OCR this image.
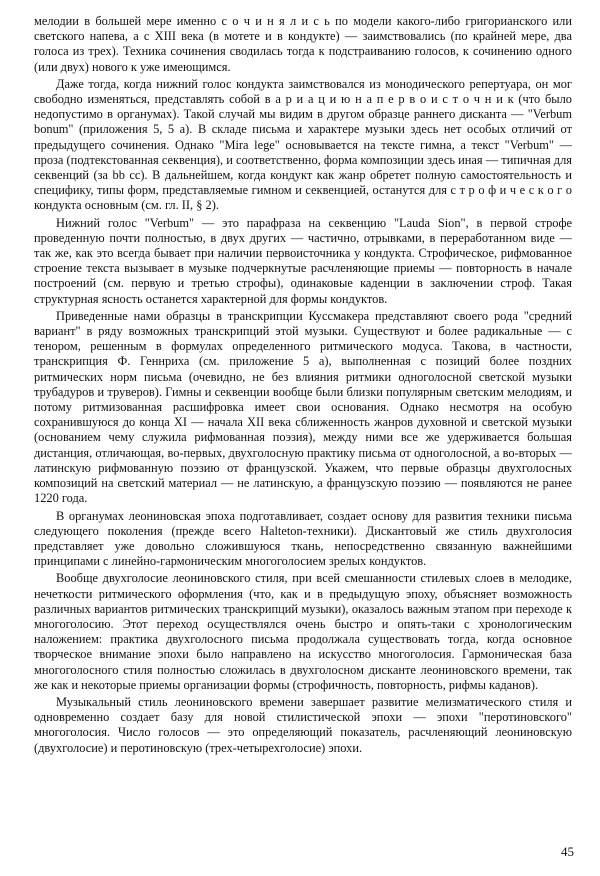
мелодии в большей мере именно с о ч и н я л и с ь по модели какого-либо григорианского или светского напева, а с XIII века (в мотете и в кондукте) — заимствовались (по крайней мере, два голоса из трех). Техника сочинения сводилась тогда к подстраиванию голосов, к сочинению одного (или двух) нового к уже имеющимся.

Даже тогда, когда нижний голос кондукта заимствовался из монодического репертуара, он мог свободно изменяться, представлять собой в а р и а ц и ю н а п е р в о и с т о ч н и к (что было недопустимо в органумах). Такой случай мы видим в другом образце раннего дисканта — "Verbum bonum" (приложения 5, 5 а). В складе письма и характере музыки здесь нет особых отличий от предыдущего сочинения. Однако "Mira lege" основывается на тексте гимна, а текст "Verbum" — проза (подтекстованная секвенция), и соответственно, форма композиции здесь иная — типичная для секвенций (за bb cc). В дальнейшем, когда кондукт как жанр обретет полную самостоятельность и специфику, типы форм, представляемые гимном и секвенцией, останутся для с т р о ф и ч е с к о г о кондукта основным (см. гл. II, § 2).

Нижний голос "Verbum" — это парафраза на секвенцию "Lauda Sion", в первой строфе проведенную почти полностью, в двух других — частично, отрывками, в переработанном виде — так же, как это всегда бывает при наличии первоисточника у кондукта. Строфическое, рифмованное строение текста вызывает в музыке подчеркнутые расчленяющие приемы — повторность в начале построений (см. первую и третью строфы), одинаковые каденции в заключении строф. Такая структурная ясность останется характерной для формы кондуктов.

Приведенные нами образцы в транскрипции Куссмакера представляют своего рода "средний вариант" в ряду возможных транскрипций этой музыки. Существуют и более радикальные — с тенором, решенным в формулах определенного ритмического модуса. Такова, в частности, транскрипция Ф. Геннриха (см. приложение 5 а), выполненная с позиций более поздних ритмических норм письма (очевидно, не без влияния ритмики одноголосной светской музыки трубадуров и труверов). Гимны и секвенции вообще были близки популярным светским мелодиям, и потому ритмизованная расшифровка имеет свои основания. Однако несмотря на особую сохранившуюся до конца XI — начала XII века сближенность жанров духовной и светской музыки (основанием чему служила рифмованная поэзия), между ними все же удерживается большая дистанция, отличающая, во-первых, двухголосную практику письма от одноголосной, а во-вторых — латинскую рифмованную поэзию от французской. Укажем, что первые образцы двухголосных композиций на светский материал — не латинскую, а французскую поэзию — появляются не ранее 1220 года.

В органумах леониновская эпоха подготавливает, создает основу для развития техники письма следующего поколения (прежде всего Halteton-техники). Дискантовый же стиль двухголосия представляет уже довольно сложившуюся ткань, непосредственно связанную важнейшими принципами с линейно-гармоническим многоголосием зрелых кондуктов.

Вообще двухголосие леониновского стиля, при всей смешанности стилевых слоев в мелодике, нечеткости ритмического оформления (что, как и в предыдущую эпоху, объясняет возможность различных вариантов ритмических транскрипций музыки), оказалось важным этапом при переходе к многоголосию. Этот переход осуществлялся очень быстро и опять-таки с хронологическим наложением: практика двухголосного письма продолжала существовать тогда, когда основное творческое внимание эпохи было направлено на искусство многоголосия. Гармоническая база многоголосного стиля полностью сложилась в двухголосном дисканте леониновского времени, так же как и некоторые приемы организации формы (строфичность, повторность, рифмы каданов).

Музыкальный стиль леониновского времени завершает развитие мелизматического стиля и одновременно создает базу для новой стилистической эпохи — эпохи "перотиновского" многоголосия. Число голосов — это определяющий показатель, расчленяющий леониновскую (двухголосие) и перотиновскую (трех-четырехголосие) эпохи.

45
